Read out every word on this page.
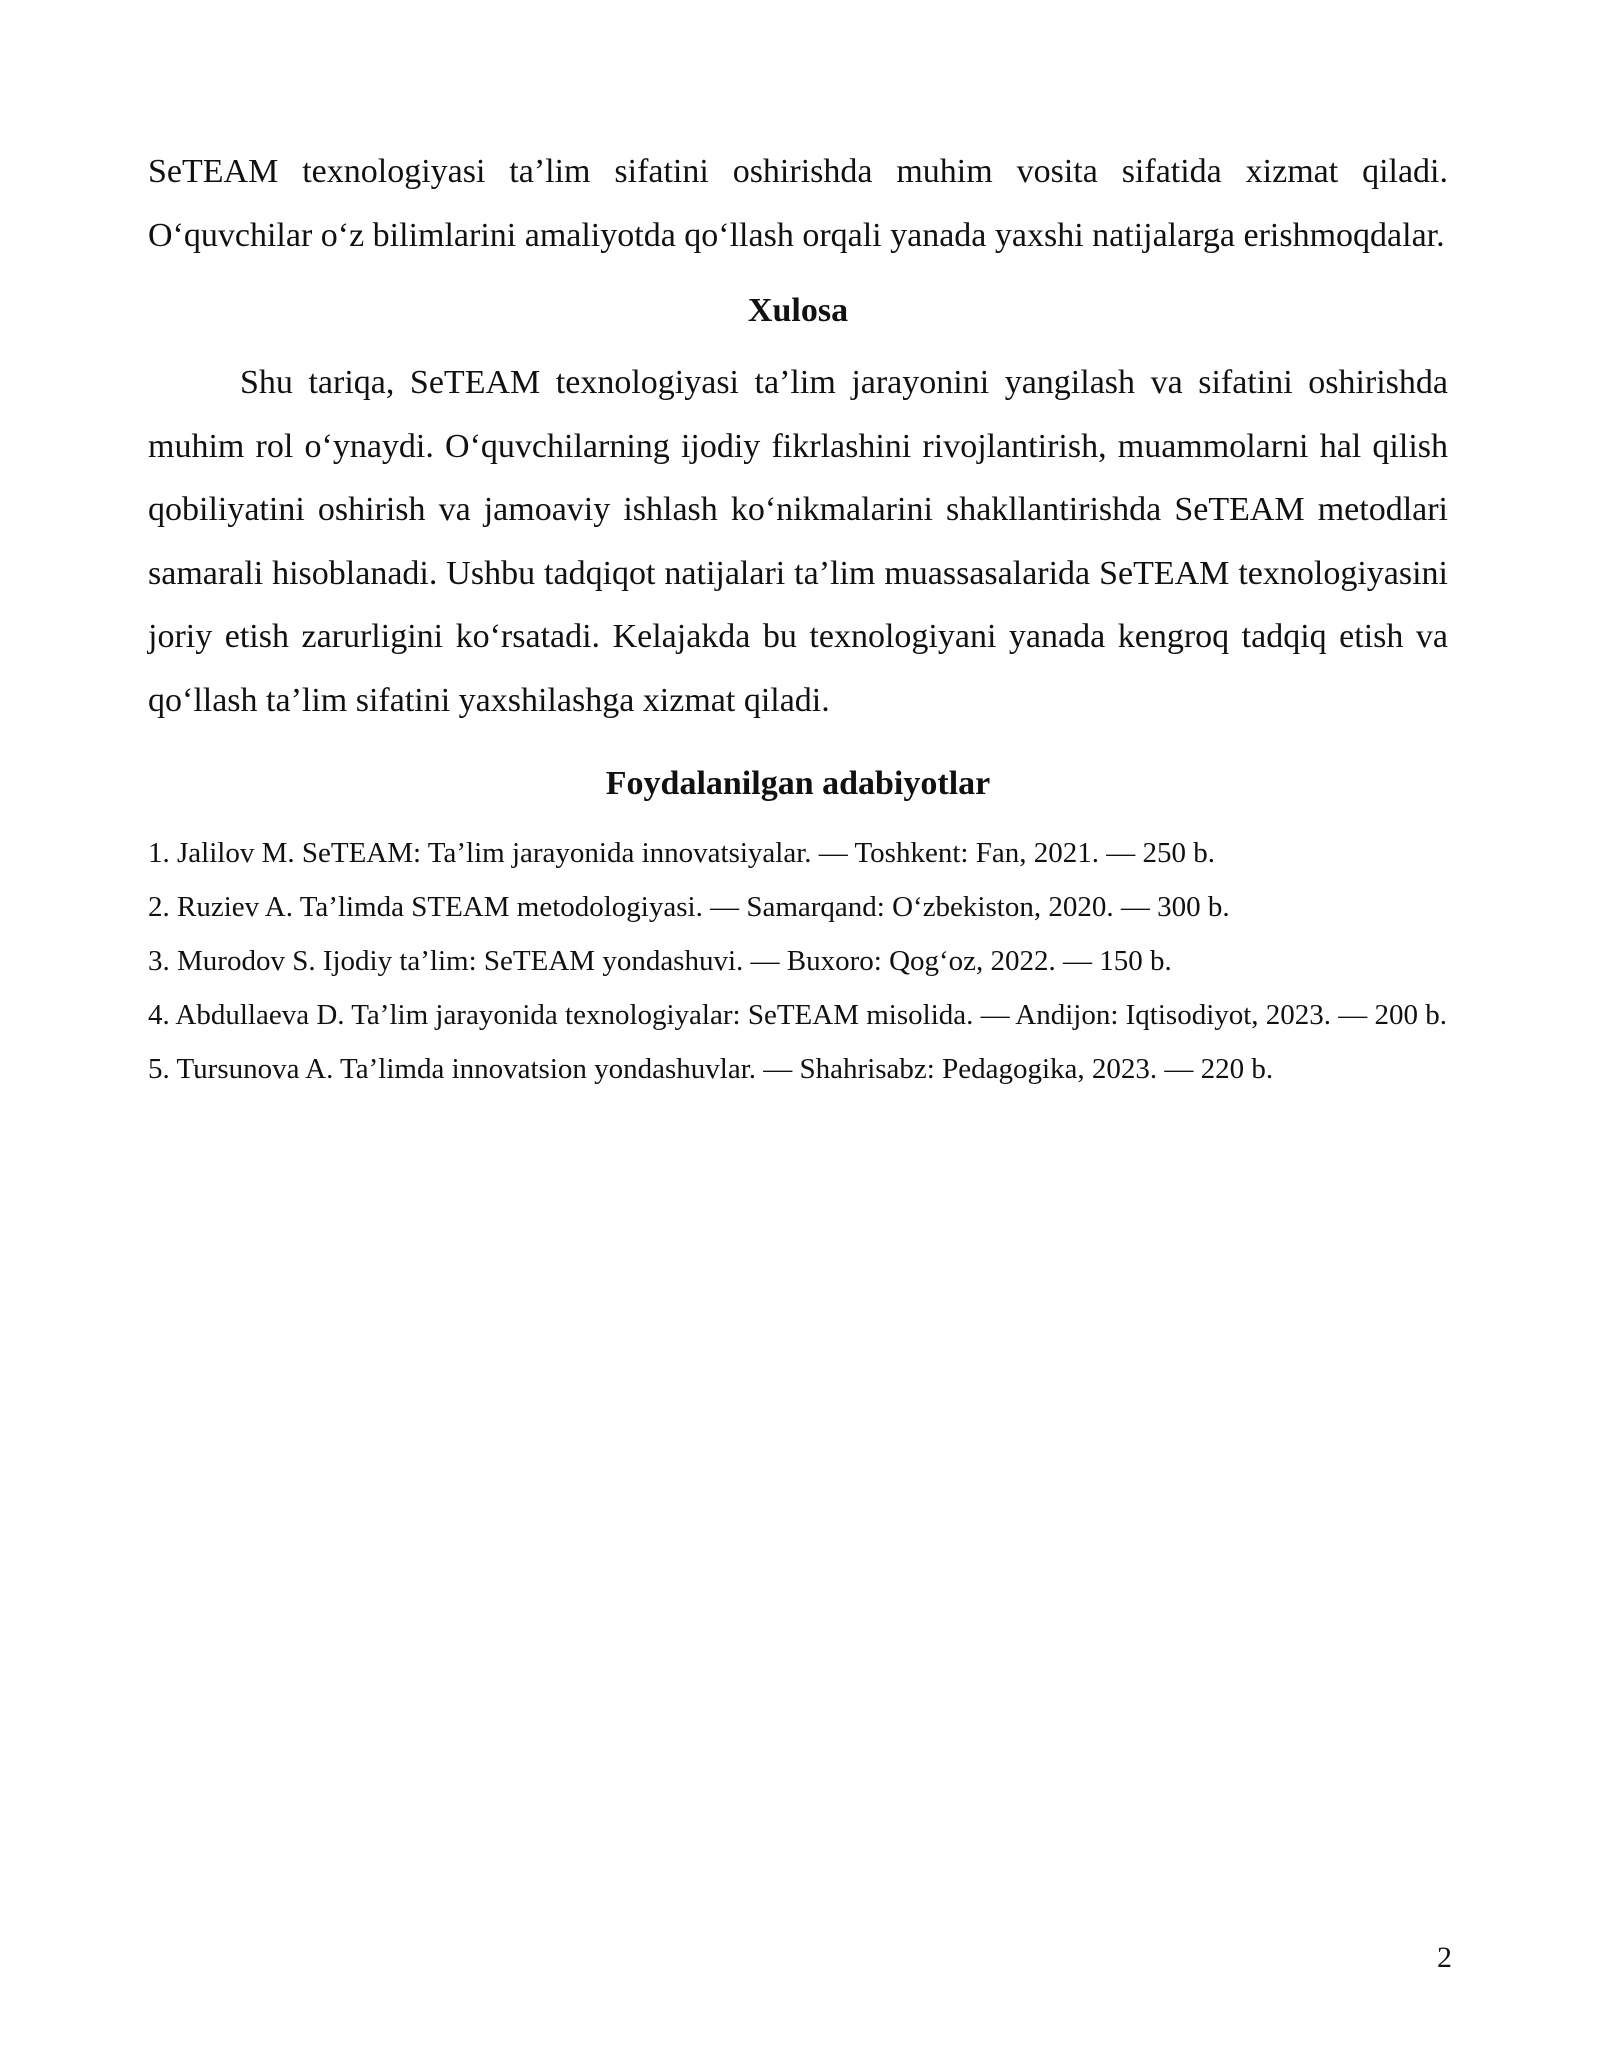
SeTEAM texnologiyasi ta’lim sifatini oshirishda muhim vosita sifatida xizmat qiladi. O‘quvchilar o‘z bilimlarini amaliyotda qo‘llash orqali yanada yaxshi natijalarga erishmoqdalar.

Xulosa

Shu tariqa, SeTEAM texnologiyasi ta’lim jarayonini yangilash va sifatini oshirishda muhim rol o‘ynaydi. O‘quvchilarning ijodiy fikrlashini rivojlantirish, muammolarni hal qilish qobiliyatini oshirish va jamoaviy ishlash ko‘nikmalarini shakllantirishda SeTEAM metodlari samarali hisoblanadi. Ushbu tadqiqot natijalari ta’lim muassasalarida SeTEAM texnologiyasini joriy etish zarurligini ko‘rsatadi. Kelajakda bu texnologiyani yanada kengroq tadqiq etish va qo‘llash ta’lim sifatini yaxshilashga xizmat qiladi.

Foydalanilgan adabiyotlar
1. Jalilov M. SeTEAM: Ta’lim jarayonida innovatsiyalar. — Toshkent: Fan, 2021. — 250 b.
2. Ruziev A. Ta’limda STEAM metodologiyasi. — Samarqand: O‘zbekiston, 2020. — 300 b.
3. Murodov S. Ijodiy ta’lim: SeTEAM yondashuvi. — Buxoro: Qog‘oz, 2022. — 150 b.
4. Abdullaeva D. Ta’lim jarayonida texnologiyalar: SeTEAM misolida. — Andijon: Iqtisodiyot, 2023. — 200 b.
5. Tursunova A. Ta’limda innovatsion yondashuvlar. — Shahrisabz: Pedagogika, 2023. — 220 b.
2
